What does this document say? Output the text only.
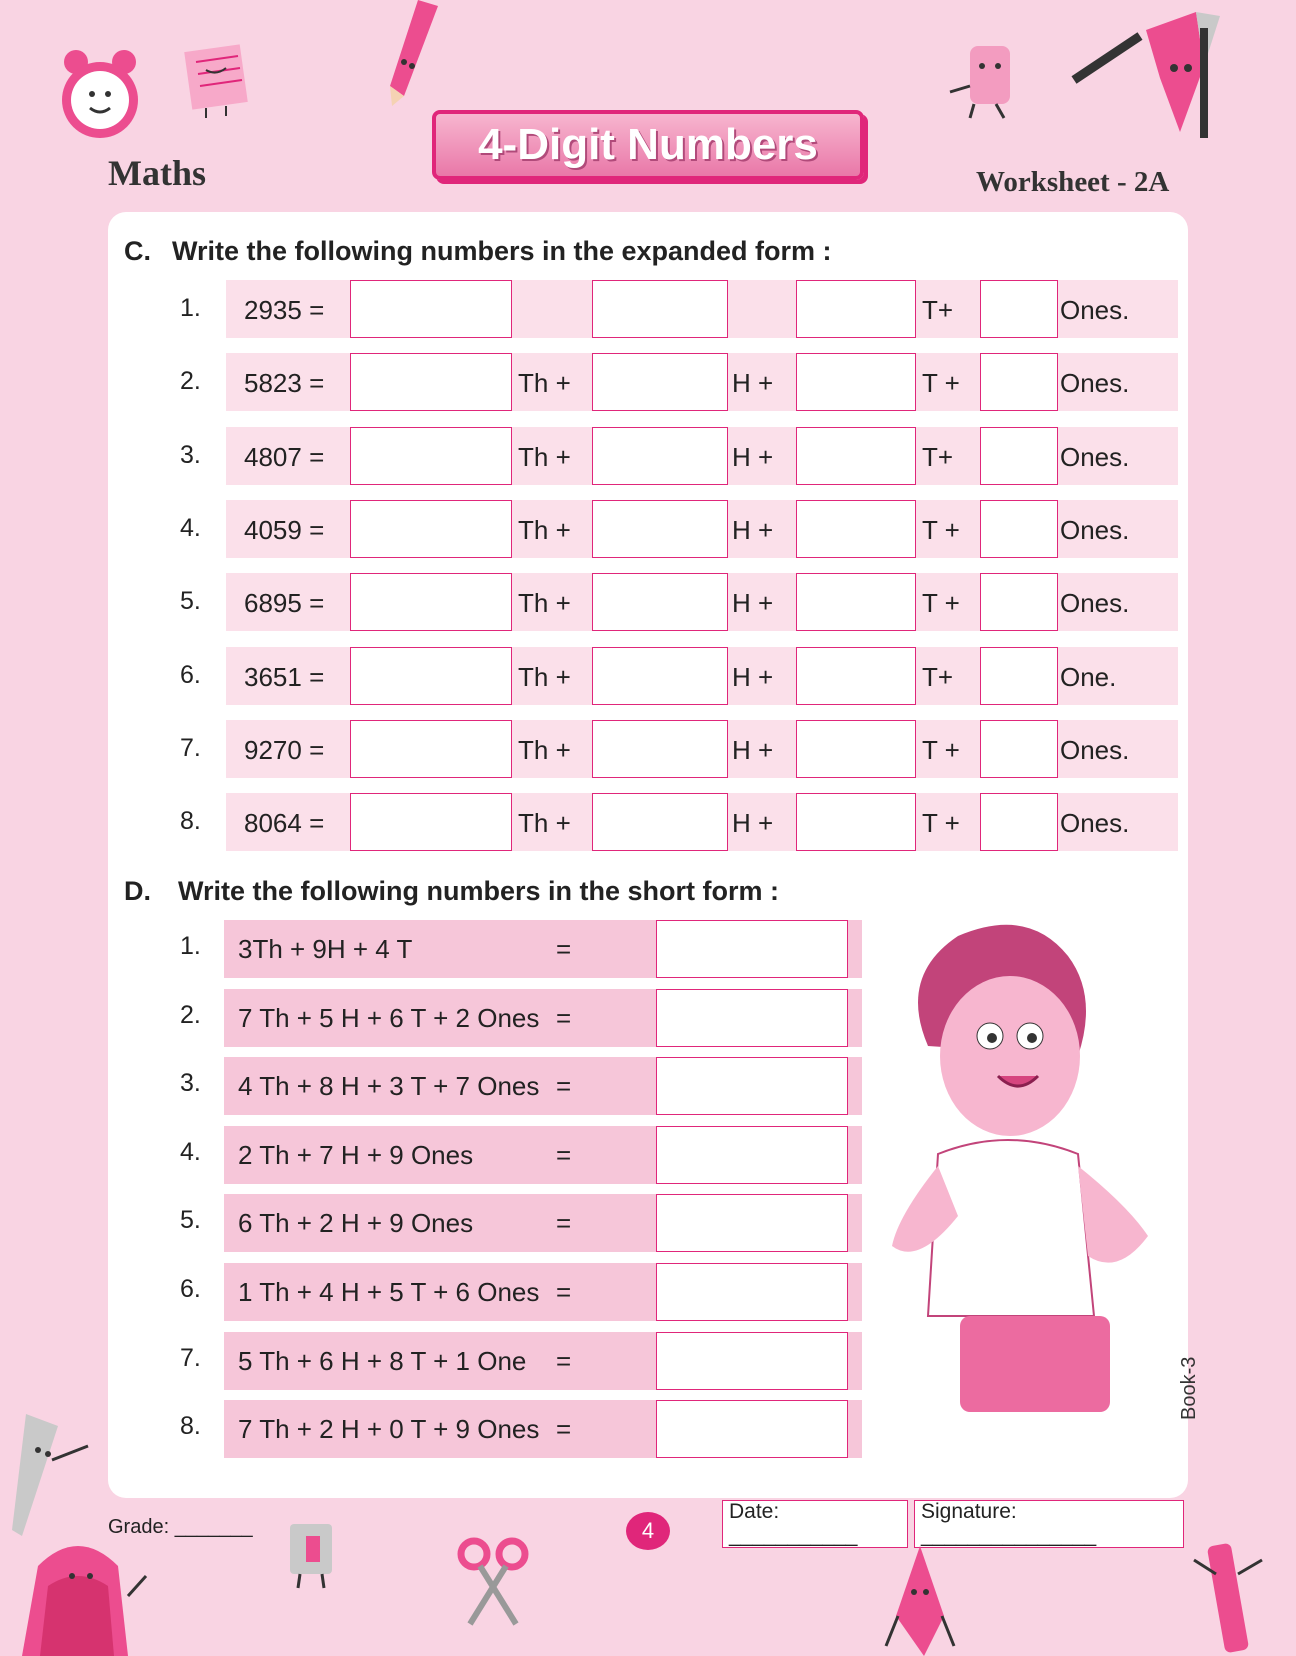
Maths
4-Digit Numbers
Worksheet - 2A
C. Write the following numbers in the expanded form :
1.	2935 =	T+	Ones.
2.	5823 =	Th +	H +	T +	Ones.
3.	4807 =	Th +	H +	T+	Ones.
4.	4059 =	Th +	H +	T +	Ones.
5.	6895 =	Th +	H +	T +	Ones.
6.	3651 =	Th +	H +	T+	One.
7.	9270 =	Th +	H +	T +	Ones.
8.	8064 =	Th +	H +	T +	Ones.
D. Write the following numbers in the short form :
1.	3Th + 9H + 4 T	=
2.	7 Th + 5 H + 6 T + 2 Ones =
3.	4 Th + 8 H + 3 T + 7 Ones =
4.	2 Th + 7 H + 9 Ones	=
5.	6 Th + 2 H + 9 Ones	=
6.	1 Th + 4 H + 5 T + 6 Ones =
7.	5 Th + 6 H + 8 T + 1 One =
8.	7 Th + 2 H + 0 T + 9 Ones =
Grade: _______	4
Date: ___________
Signature: _______________
Book-3
